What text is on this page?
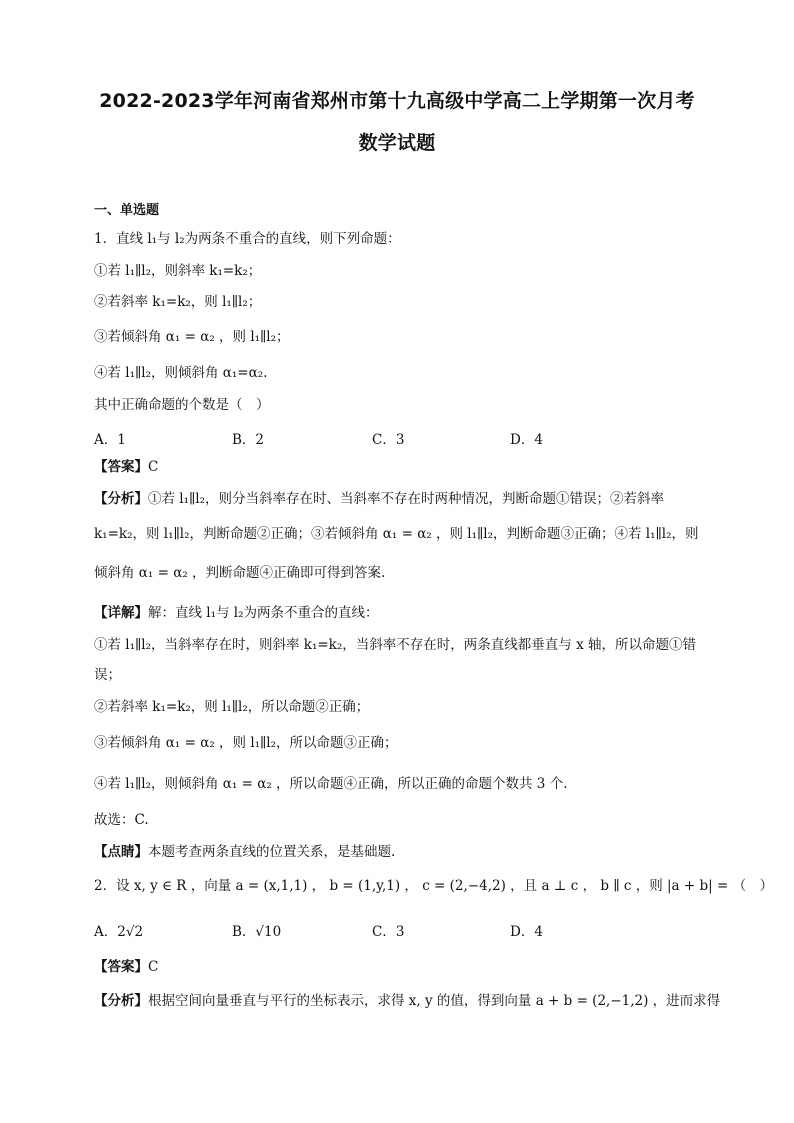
2022-2023学年河南省郑州市第十九高级中学高二上学期第一次月考
数学试题
一、单选题
1．直线 l₁与 l₂为两条不重合的直线，则下列命题：
①若 l₁∥l₂，则斜率 k₁=k₂；
②若斜率 k₁=k₂，则 l₁∥l₂；
③若倾斜角 α₁ = α₂ ，则 l₁∥l₂；
④若 l₁∥l₂，则倾斜角 α₁=α₂.
其中正确命题的个数是（　）
A．1	B．2	C．3	D．4
【答案】C
【分析】①若 l₁∥l₂，则分当斜率存在时、当斜率不存在时两种情况，判断命题①错误；②若斜率
k₁=k₂，则 l₁∥l₂，判断命题②正确；③若倾斜角 α₁ = α₂ ，则 l₁∥l₂，判断命题③正确；④若 l₁∥l₂，则
倾斜角 α₁ = α₂ ，判断命题④正确即可得到答案.
【详解】解：直线 l₁与 l₂为两条不重合的直线：
①若 l₁∥l₂，当斜率存在时，则斜率 k₁=k₂，当斜率不存在时，两条直线都垂直与 x 轴，所以命题①错
误；
②若斜率 k₁=k₂，则 l₁∥l₂，所以命题②正确；
③若倾斜角 α₁ = α₂ ，则 l₁∥l₂，所以命题③正确；
④若 l₁∥l₂，则倾斜角 α₁ = α₂ ，所以命题④正确，所以正确的命题个数共 3 个.
故选：C.
【点睛】本题考查两条直线的位置关系，是基础题.
2．设 x, y ∈ R ，向量 a = (x,1,1) ， b = (1,y,1) ， c = (2,−4,2) ，且 a ⊥ c ， b ∥ c ，则 |a + b| = （　）
A．2√2	B．√10	C．3	D．4
【答案】C
【分析】根据空间向量垂直与平行的坐标表示，求得 x, y 的值，得到向量 a + b = (2,−1,2) ，进而求得
